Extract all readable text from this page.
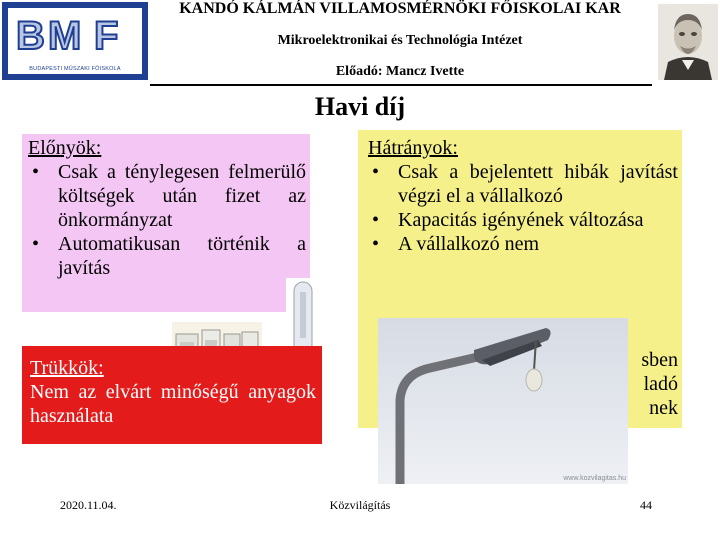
B M F
BUDAPESTI MŰSZAKI FŐISKOLA
KANDÓ KÁLMÁN VILLAMOSMÉRNÖKI FŐISKOLAI KAR
Mikroelektronikai és Technológia Intézet
Előadó: Mancz Ivette
Havi díj
Előnyök:
• Csak a ténylegesen felmerülő költségek után fizet az önkormányzat
• Automatikusan történik a javítás
Hátrányok:
• Csak a bejelentett hibák javítást végzi el a vállalkozó
• Kapacitás igényének változása
• A vállalkozó nem
sben
ladó
nek
www.kozvilagitas.hu
Trükkök:
Nem az elvárt minőségű anyagok használata
2020.11.04.	Közvilágítás	44
